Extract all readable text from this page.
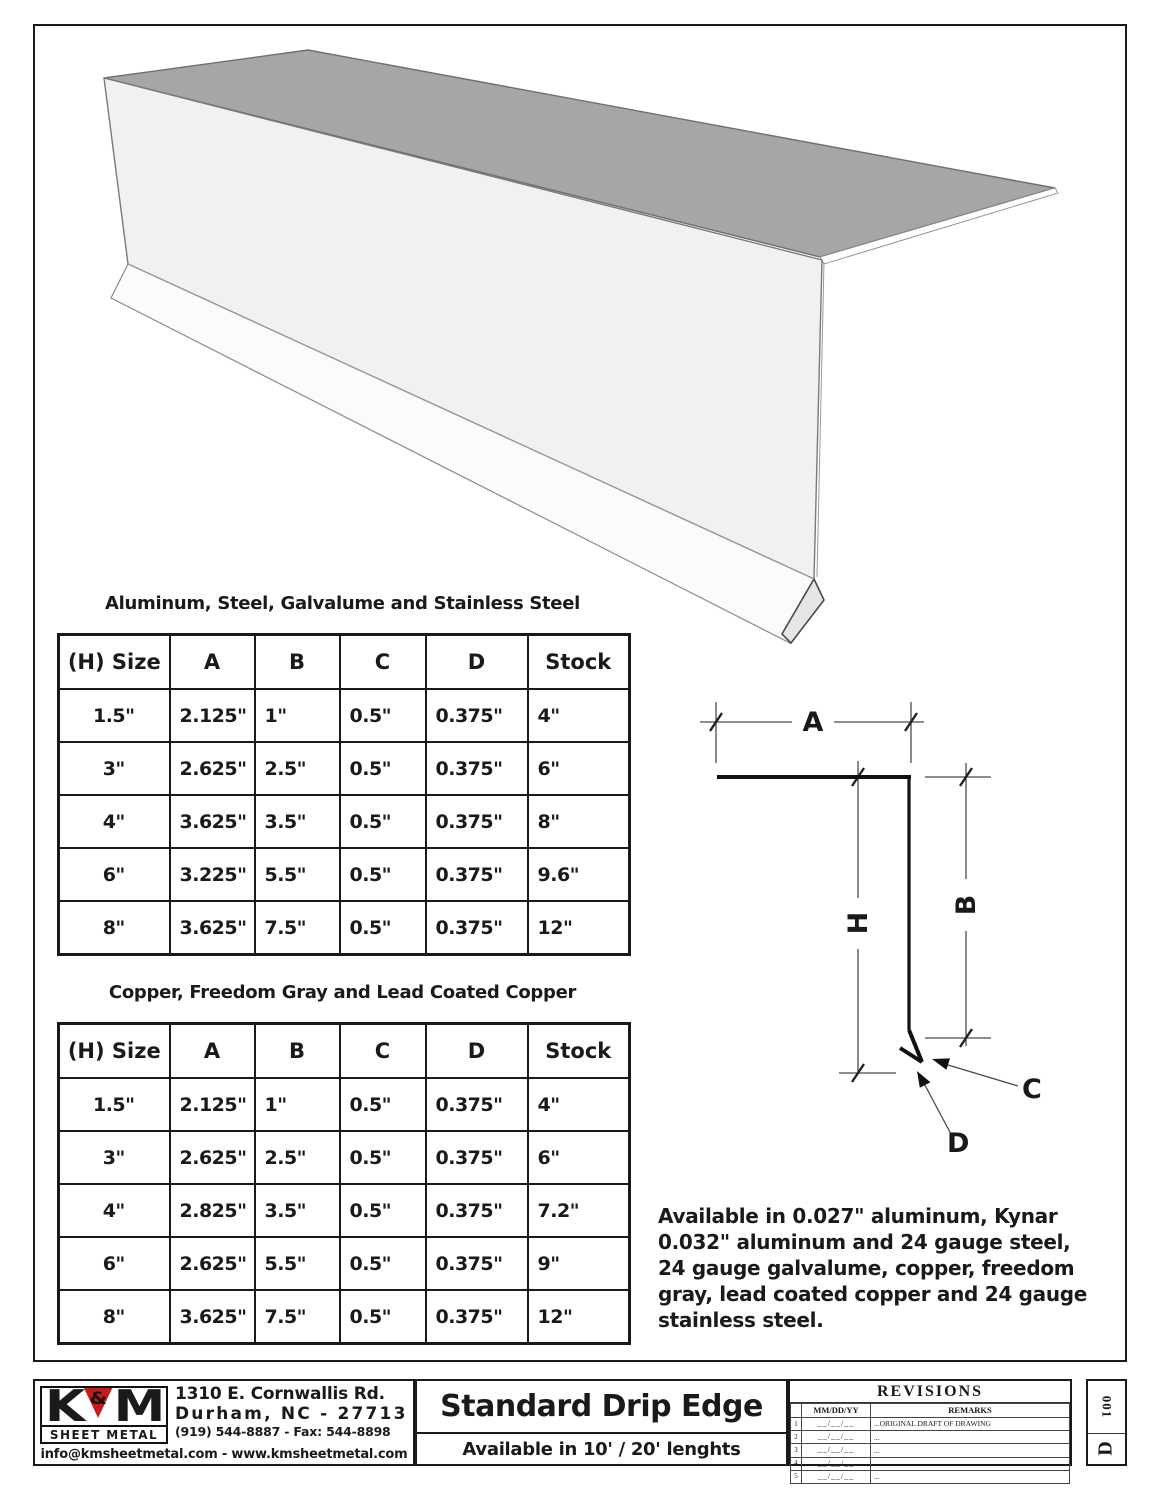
A
H
B
C
D
Aluminum, Steel, Galvalume and Stainless Steel
(H) Size	A	B	C	D	Stock
1.5"	2.125"	1"	0.5"	0.375"	4"
3"	2.625"	2.5"	0.5"	0.375"	6"
4"	3.625"	3.5"	0.5"	0.375"	8"
6"	3.225"	5.5"	0.5"	0.375"	9.6"
8"	3.625"	7.5"	0.5"	0.375"	12"
Copper, Freedom Gray and Lead Coated Copper
(H) Size	A	B	C	D	Stock
1.5"	2.125"	1"	0.5"	0.375"	4"
3"	2.625"	2.5"	0.5"	0.375"	6"
4"	2.825"	3.5"	0.5"	0.375"	7.2"
6"	2.625"	5.5"	0.5"	0.375"	9"
8"	3.625"	7.5"	0.5"	0.375"	12"
Available in 0.027" aluminum, Kynar
0.032" aluminum and 24 gauge steel,
24 gauge galvalume, copper, freedom
gray, lead coated copper and 24 gauge
stainless steel.
K & M
SHEET METAL
1310 E. Cornwallis Rd.
Durham, NC - 27713
(919) 544-8887 - Fax: 544-8898
info@kmsheetmetal.com - www.kmsheetmetal.com
Standard Drip Edge
Available in 10' / 20' lenghts
REVISIONS
	MM/DD/YY	REMARKS
1	__/__/__	...ORIGINAL DRAFT OF DRAWING
2	__/__/__	...
3	__/__/__	...
4	__/__/__	...
5	__/__/__	...
001
D
